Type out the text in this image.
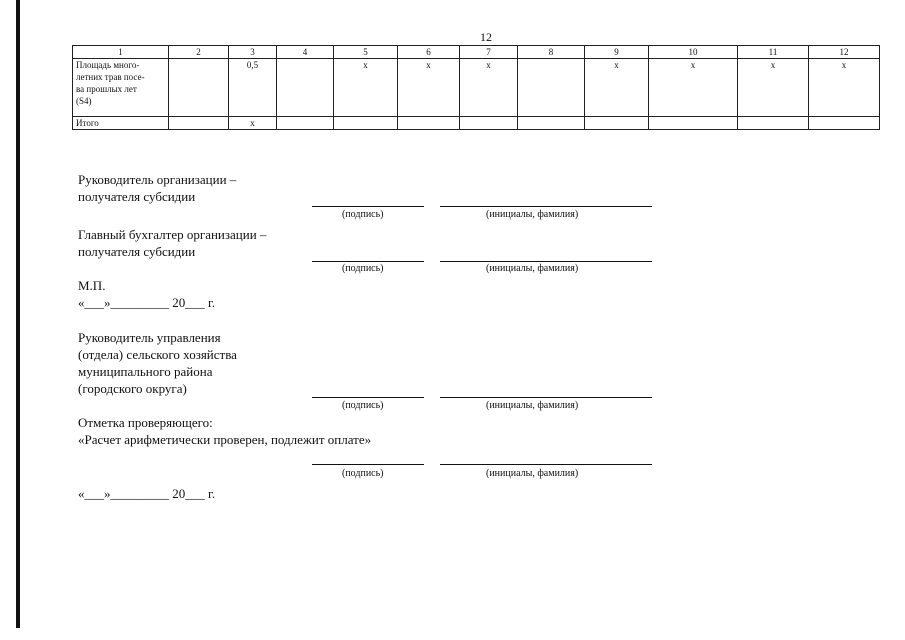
12
1	2	3	4	5	6	7	8	9	10	11	12

Площадь много-
летних трав посе-
ва прошлых лет
(S4)		0,5		х	х	х		х	х	х	х
Итого		х									
Руководитель организации –
получателя субсидии
(подпись)	(инициалы, фамилия)
Главный бухгалтер организации –
получателя субсидии
(подпись)	(инициалы, фамилия)
М.П.
«___»_________ 20___ г.
Руководитель управления
(отдела) сельского хозяйства
муниципального района
(городского округа)
(подпись)	(инициалы, фамилия)
Отметка проверяющего:
«Расчет арифметически проверен, подлежит оплате»
(подпись)	(инициалы, фамилия)
«___»_________ 20___ г.
